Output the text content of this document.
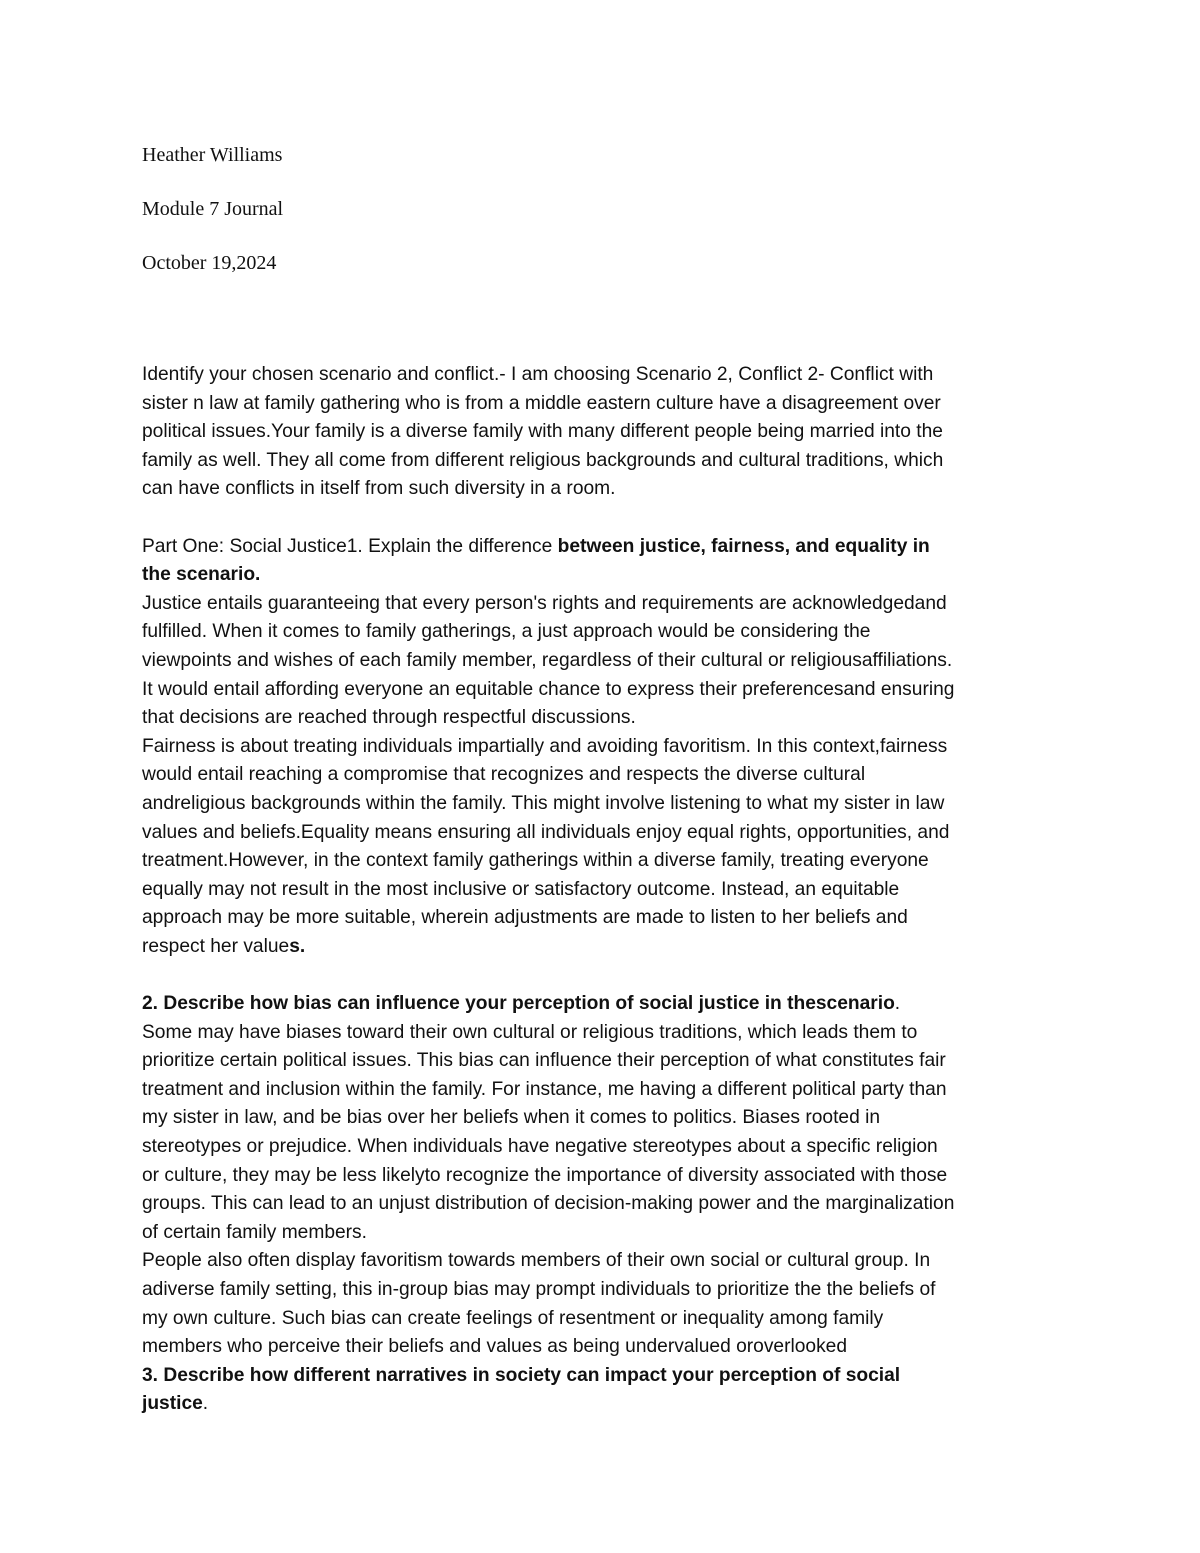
Heather Williams
Module 7 Journal
October 19,2024
Identify your chosen scenario and conflict.- I am choosing Scenario 2, Conflict 2- Conflict with
sister n law at family gathering who is from a middle eastern culture have a disagreement over
political issues.Your family is a diverse family with many different people being married into the
family as well. They all come from different religious backgrounds and cultural traditions, which
can have conflicts in itself from such diversity in a room.
Part One: Social Justice1. Explain the difference between justice, fairness, and equality in
the scenario.
Justice entails guaranteeing that every person's rights and requirements are acknowledgedand
fulfilled. When it comes to family gatherings, a just approach would be considering the
viewpoints and wishes of each family member, regardless of their cultural or religiousaffiliations.
It would entail affording everyone an equitable chance to express their preferencesand ensuring
that decisions are reached through respectful discussions.
Fairness is about treating individuals impartially and avoiding favoritism. In this context,fairness
would entail reaching a compromise that recognizes and respects the diverse cultural
andreligious backgrounds within the family. This might involve listening to what my sister in law
values and beliefs.Equality means ensuring all individuals enjoy equal rights, opportunities, and
treatment.However, in the context family gatherings within a diverse family, treating everyone
equally may not result in the most inclusive or satisfactory outcome. Instead, an equitable
approach may be more suitable, wherein adjustments are made to listen to her beliefs and
respect her values.
2. Describe how bias can influence your perception of social justice in thescenario.
Some may have biases toward their own cultural or religious traditions, which leads them to
prioritize certain political issues. This bias can influence their perception of what constitutes fair
treatment and inclusion within the family. For instance, me having a different political party than
my sister in law, and be bias over her beliefs when it comes to politics. Biases rooted in
stereotypes or prejudice. When individuals have negative stereotypes about a specific religion
or culture, they may be less likelyto recognize the importance of diversity associated with those
groups. This can lead to an unjust distribution of decision-making power and the marginalization
of certain family members.
People also often display favoritism towards members of their own social or cultural group. In
adiverse family setting, this in-group bias may prompt individuals to prioritize the the beliefs of
my own culture. Such bias can create feelings of resentment or inequality among family
members who perceive their beliefs and values as being undervalued oroverlooked
3. Describe how different narratives in society can impact your perception of social
justice.
